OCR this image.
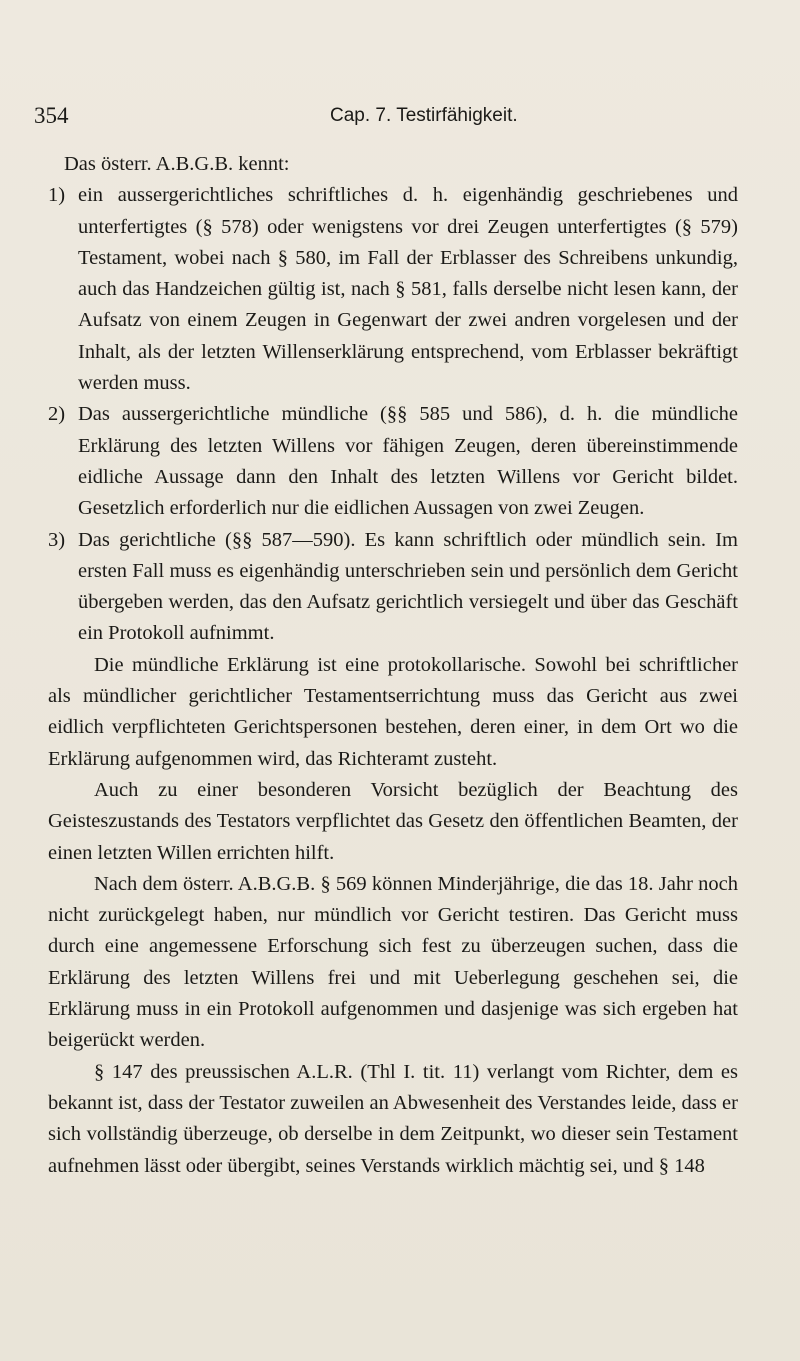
354	Cap. 7. Testirfähigkeit.

Das österr. A.B.G.B. kennt:

1) ein aussergerichtliches schriftliches d. h. eigenhändig geschriebenes und unterfertigtes (§ 578) oder wenigstens vor drei Zeugen unterfertigtes (§ 579) Testament, wobei nach § 580, im Fall der Erblasser des Schreibens unkundig, auch das Handzeichen gültig ist, nach § 581, falls derselbe nicht lesen kann, der Aufsatz von einem Zeugen in Gegenwart der zwei andren vorgelesen und der Inhalt, als der letzten Willenserklärung entsprechend, vom Erblasser bekräftigt werden muss.

2) Das aussergerichtliche mündliche (§§ 585 und 586), d. h. die mündliche Erklärung des letzten Willens vor fähigen Zeugen, deren übereinstimmende eidliche Aussage dann den Inhalt des letzten Willens vor Gericht bildet. Gesetzlich erforderlich nur die eidlichen Aussagen von zwei Zeugen.

3) Das gerichtliche (§§ 587—590). Es kann schriftlich oder mündlich sein. Im ersten Fall muss es eigenhändig unterschrieben sein und persönlich dem Gericht übergeben werden, das den Aufsatz gerichtlich versiegelt und über das Geschäft ein Protokoll aufnimmt.

Die mündliche Erklärung ist eine protokollarische. Sowohl bei schriftlicher als mündlicher gerichtlicher Testamentserrichtung muss das Gericht aus zwei eidlich verpflichteten Gerichtspersonen bestehen, deren einer, in dem Ort wo die Erklärung aufgenommen wird, das Richteramt zusteht.

Auch zu einer besonderen Vorsicht bezüglich der Beachtung des Geisteszustands des Testators verpflichtet das Gesetz den öffentlichen Beamten, der einen letzten Willen errichten hilft.

Nach dem österr. A.B.G.B. § 569 können Minderjährige, die das 18. Jahr noch nicht zurückgelegt haben, nur mündlich vor Gericht testiren. Das Gericht muss durch eine angemessene Erforschung sich fest zu überzeugen suchen, dass die Erklärung des letzten Willens frei und mit Ueberlegung geschehen sei, die Erklärung muss in ein Protokoll aufgenommen und dasjenige was sich ergeben hat beigerückt werden.

§ 147 des preussischen A.L.R. (Thl I. tit. 11) verlangt vom Richter, dem es bekannt ist, dass der Testator zuweilen an Abwesenheit des Verstandes leide, dass er sich vollständig überzeuge, ob derselbe in dem Zeitpunkt, wo dieser sein Testament aufnehmen lässt oder übergibt, seines Verstands wirklich mächtig sei, und § 148
